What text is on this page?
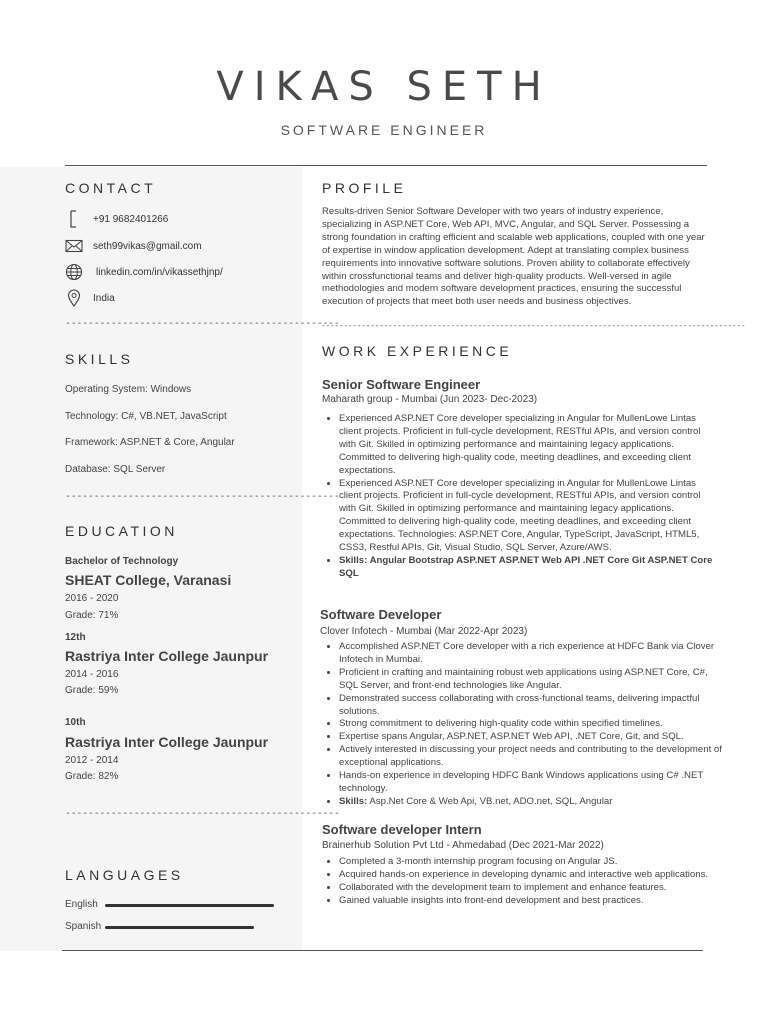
VIKAS SETH
SOFTWARE ENGINEER
CONTACT
+91 9682401266
seth99vikas@gmail.com
linkedin.com/in/vikassethjnp/
India
------------------------------------------------
SKILLS
Operating System: Windows
Technology: C#, VB.NET, JavaScript
Framework: ASP.NET & Core, Angular
Database: SQL Server
------------------------------------------------
EDUCATION
Bachelor of Technology
SHEAT College, Varanasi
2016 - 2020
Grade: 71%
12th
Rastriya Inter College Jaunpur
2014 - 2016
Grade: 59%
10th
Rastriya Inter College Jaunpur
2012 - 2014
Grade: 82%
------------------------------------------------
LANGUAGES
English
Spanish
PROFILE
Results-driven Senior Software Developer with two years of industry experience, specializing in ASP.NET Core, Web API, MVC, Angular, and SQL Server. Possessing a strong foundation in crafting efficient and scalable web applications, coupled with one year of expertise in window application development. Adept at translating complex business requirements into innovative software solutions. Proven ability to collaborate effectively within crossfunctional teams and deliver high-quality products. Well-versed in agile methodologies and modern software development practices, ensuring the successful execution of projects that meet both user needs and business objectives.
-----------------------------------------------------------------------------------------------
WORK EXPERIENCE
Senior Software Engineer
Maharath group - Mumbai (Jun 2023- Dec-2023)
• Experienced ASP.NET Core developer specializing in Angular for MullenLowe Lintas client projects. Proficient in full-cycle development, RESTful APIs, and version control with Git. Skilled in optimizing performance and maintaining legacy applications. Committed to delivering high-quality code, meeting deadlines, and exceeding client expectations.
• Experienced ASP.NET Core developer specializing in Angular for MullenLowe Lintas client projects. Proficient in full-cycle development, RESTful APIs, and version control with Git. Skilled in optimizing performance and maintaining legacy applications. Committed to delivering high-quality code, meeting deadlines, and exceeding client expectations. Technologies: ASP.NET Core, Angular, TypeScript, JavaScript, HTML5, CSS3, Restful APIs, Git, Visual Studio, SQL Server, Azure/AWS.
• Skills: Angular Bootstrap ASP.NET ASP.NET Web API .NET Core Git ASP.NET Core SQL
Software Developer
Clover Infotech - Mumbai (Mar 2022-Apr 2023)
• Accomplished ASP.NET Core developer with a rich experience at HDFC Bank via Clover Infotech in Mumbai.
• Proficient in crafting and maintaining robust web applications using ASP.NET Core, C#, SQL Server, and front-end technologies like Angular.
• Demonstrated success collaborating with cross-functional teams, delivering impactful solutions.
• Strong commitment to delivering high-quality code within specified timelines.
• Expertise spans Angular, ASP.NET, ASP.NET Web API, .NET Core, Git, and SQL.
• Actively interested in discussing your project needs and contributing to the development of exceptional applications.
• Hands-on experience in developing HDFC Bank Windows applications using C# .NET technology.
• Skills: Asp.Net Core & Web Api, VB.net, ADO.net, SQL, Angular
Software developer Intern
Brainerhub Solution Pvt Ltd - Ahmedabad (Dec 2021-Mar 2022)
• Completed a 3-month internship program focusing on Angular JS.
• Acquired hands-on experience in developing dynamic and interactive web applications.
• Collaborated with the development team to implement and enhance features.
• Gained valuable insights into front-end development and best practices.
